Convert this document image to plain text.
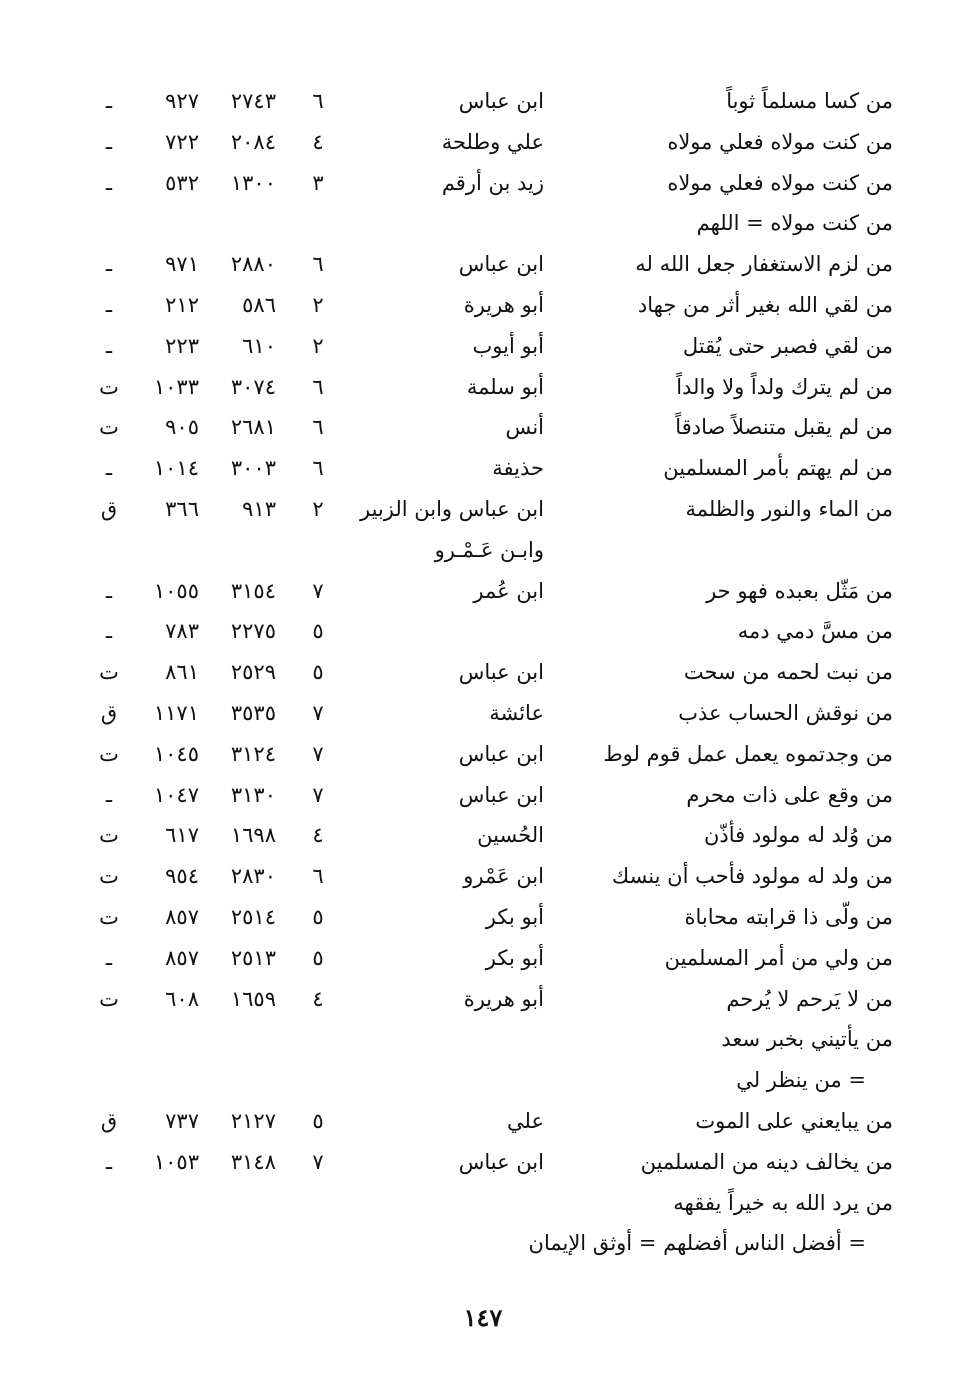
من كسا مسلماً ثوباً
ابن عباس
٦
٢٧٤٣
٩٢٧
ـ
من كنت مولاه فعلي مولاه
علي وطلحة
٤
٢٠٨٤
٧٢٢
ـ
من كنت مولاه فعلي مولاه
زيد بن أرقم
٣
١٣٠٠
٥٣٢
ـ
من كنت مولاه = اللهم
من لزم الاستغفار جعل الله له
ابن عباس
٦
٢٨٨٠
٩٧١
ـ
من لقي الله بغير أثر من جهاد
أبو هريرة
٢
٥٨٦
٢١٢
ـ
من لقي فصبر حتى يُقتل
أبو أيوب
٢
٦١٠
٢٢٣
ـ
من لم يترك ولداً ولا والداً
أبو سلمة
٦
٣٠٧٤
١٠٣٣
ت
من لم يقبل متنصلاً صادقاً
أنس
٦
٢٦٨١
٩٠٥
ت
من لم يهتم بأمر المسلمين
حذيفة
٦
٣٠٠٣
١٠١٤
ـ
من الماء والنور والظلمة
ابن عباس وابن الزبير
٢
٩١٣
٣٦٦
ق
وابـن عَـمْـرو
من مَثّل بعبده فهو حر
ابن عُمر
٧
٣١٥٤
١٠٥٥
ـ
من مسَّ دمي دمه
٥
٢٢٧٥
٧٨٣
ـ
من نبت لحمه من سحت
ابن عباس
٥
٢٥٢٩
٨٦١
ت
من نوقش الحساب عذب
عائشة
٧
٣٥٣٥
١١٧١
ق
من وجدتموه يعمل عمل قوم لوط
ابن عباس
٧
٣١٢٤
١٠٤٥
ت
من وقع على ذات محرم
ابن عباس
٧
٣١٣٠
١٠٤٧
ـ
من وُلد له مولود فأذّن
الحُسين
٤
١٦٩٨
٦١٧
ت
من ولد له مولود فأحب أن ينسك
ابن عَمْرو
٦
٢٨٣٠
٩٥٤
ت
من ولّى ذا قرابته محاباة
أبو بكر
٥
٢٥١٤
٨٥٧
ت
من ولي من أمر المسلمين
أبو بكر
٥
٢٥١٣
٨٥٧
ـ
من لا يَرحم لا يُرحم
أبو هريرة
٤
١٦٥٩
٦٠٨
ت
من يأتيني بخبر سعد
= من ينظر لي
من يبايعني على الموت
علي
٥
٢١٢٧
٧٣٧
ق
من يخالف دينه من المسلمين
ابن عباس
٧
٣١٤٨
١٠٥٣
ـ
من يرد الله به خيراً يفقهه
= أفضل الناس أفضلهم = أوثق الإيمان
١٤٧
